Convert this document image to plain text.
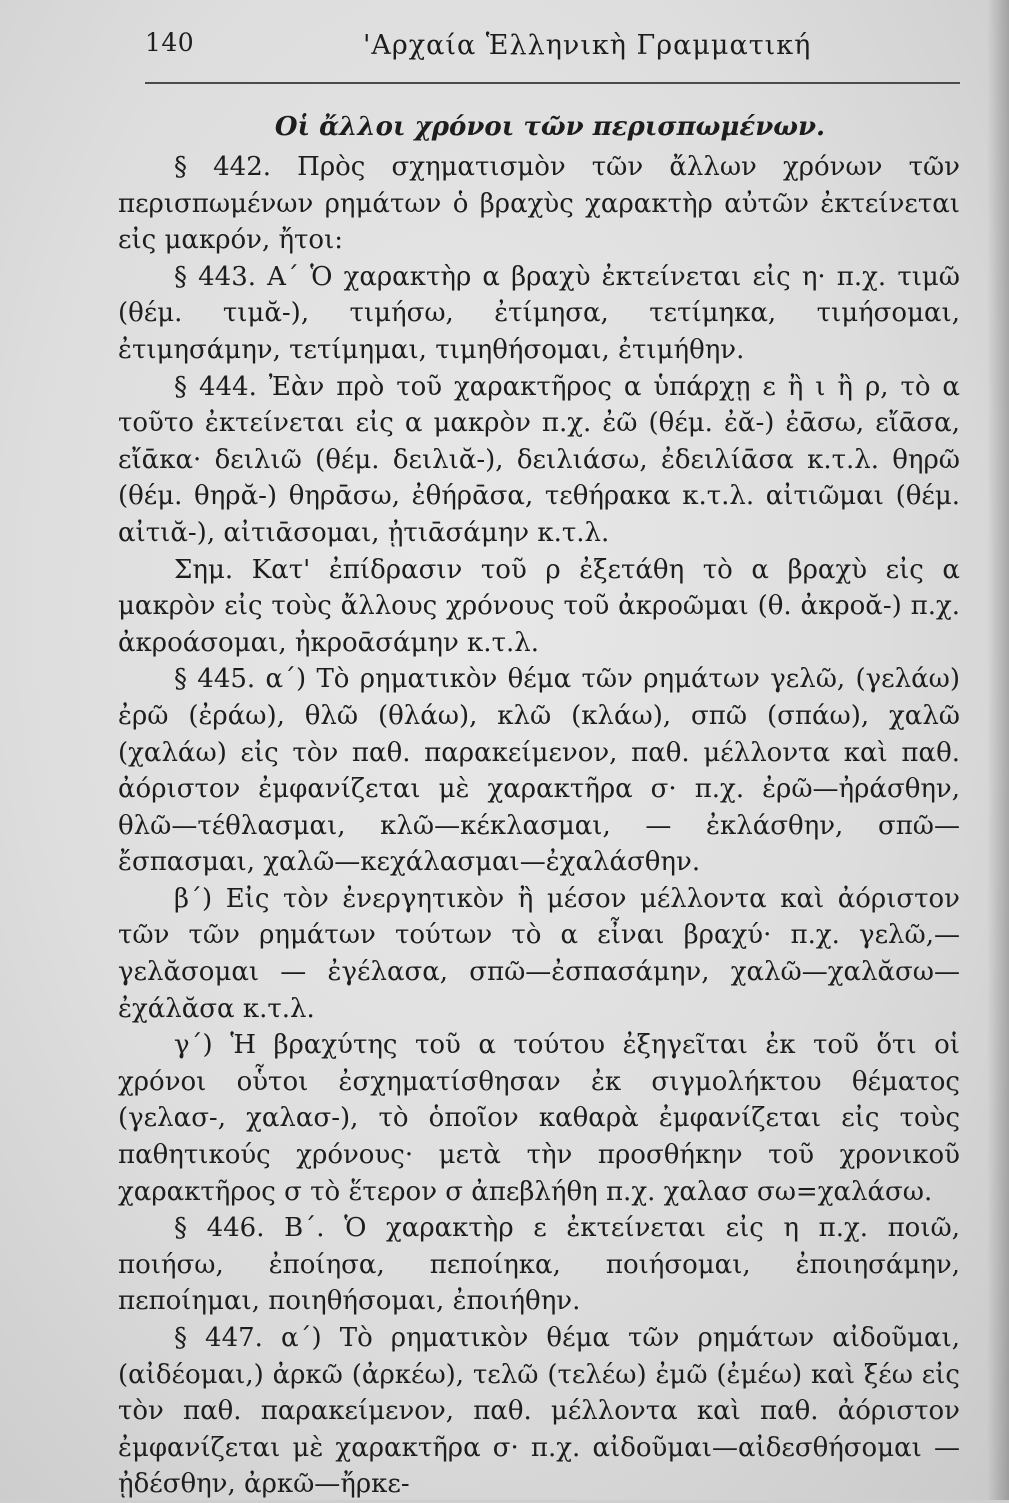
140	'Αρχαία Ἑλληνικὴ Γραμματική
Οἱ ἄλλοι χρόνοι τῶν περισπωμένων.

§ 442. Πρὸς σχηματισμὸν τῶν ἄλλων χρόνων τῶν περισπωμένων ρημάτων ὁ βραχὺς χαρακτὴρ αὐτῶν ἐκτείνεται εἰς μακρόν, ἤτοι:

§ 443. Α΄ Ὁ χαρακτὴρ α βραχὺ ἐκτείνεται εἰς η· π.χ. τιμῶ (θέμ. τιμᾰ-), τιμήσω, ἐτίμησα, τετίμηκα, τιμήσομαι, ἐτιμησάμην, τετίμημαι, τιμηθήσομαι, ἐτιμήθην.

§ 444. Ἐὰν πρὸ τοῦ χαρακτῆρος α ὑπάρχῃ ε ἢ ι ἢ ρ, τὸ α τοῦτο ἐκτείνεται εἰς α μακρὸν π.χ. ἐῶ (θέμ. ἐᾰ-) ἐᾱσω, εἴᾱσα, εἴᾱκα· δειλιῶ (θέμ. δειλιᾰ-), δειλιάσω, ἐδειλίᾱσα κ.τ.λ. θηρῶ (θέμ. θηρᾰ-) θηρᾱσω, ἐθήρᾱσα, τεθήρακα κ.τ.λ. αἰτιῶμαι (θέμ. αἰτιᾰ-), αἰτιᾱσομαι, ᾐτιᾱσάμην κ.τ.λ.

Σημ. Κατ' ἐπίδρασιν τοῦ ρ ἐξετάθη τὸ α βραχὺ εἰς α μακρὸν εἰς τοὺς ἄλλους χρόνους τοῦ ἀκροῶμαι (θ. ἀκροᾰ-) π.χ. ἀκροάσομαι, ἠκροᾱσάμην κ.τ.λ.

§ 445. α΄) Τὸ ρηματικὸν θέμα τῶν ρημάτων γελῶ, (γελάω) ἐρῶ (ἐράω), θλῶ (θλάω), κλῶ (κλάω), σπῶ (σπάω), χαλῶ (χαλάω) εἰς τὸν παθ. παρακείμενον, παθ. μέλλοντα καὶ παθ. ἀόριστον ἐμφανίζεται μὲ χαρακτῆρα σ· π.χ. ἐρῶ—ἠράσθην, θλῶ—τέθλασμαι, κλῶ—κέκλασμαι, — ἐκλάσθην, σπῶ—ἔσπασμαι, χαλῶ—κεχάλασμαι—ἐχαλάσθην.

β΄) Εἰς τὸν ἐνεργητικὸν ἢ μέσον μέλλοντα καὶ ἀόριστον τῶν τῶν ρημάτων τούτων τὸ α εἶναι βραχύ· π.χ. γελῶ,— γελᾰσομαι — ἐγέλασα, σπῶ—ἐσπασάμην, χαλῶ—χαλᾰσω—ἐχάλᾰσα κ.τ.λ.

γ΄) Ἡ βραχύτης τοῦ α τούτου ἐξηγεῖται ἐκ τοῦ ὅτι οἱ χρόνοι οὗτοι ἐσχηματίσθησαν ἐκ σιγμολήκτου θέματος (γελασ-, χαλασ-), τὸ ὁποῖον καθαρὰ ἐμφανίζεται εἰς τοὺς παθητικούς χρόνους· μετὰ τὴν προσθήκην τοῦ χρονικοῦ χαρακτῆρος σ τὸ ἕτερον σ ἀπεβλήθη π.χ. χαλασ σω=χαλάσω.

§ 446. Β΄. Ὁ χαρακτὴρ ε ἐκτείνεται εἰς η π.χ. ποιῶ, ποιήσω, ἐποίησα, πεποίηκα, ποιήσομαι, ἐποιησάμην, πεποίημαι, ποιηθήσομαι, ἐποιήθην.

§ 447. α΄) Τὸ ρηματικὸν θέμα τῶν ρημάτων αἰδοῦμαι, (αἰδέομαι,) ἀρκῶ (ἀρκέω), τελῶ (τελέω) ἐμῶ (ἐμέω) καὶ ξέω εἰς τὸν παθ. παρακείμενον, παθ. μέλλοντα καὶ παθ. ἀόριστον ἐμφανίζεται μὲ χαρακτῆρα σ· π.χ. αἰδοῦμαι—αἰδεσθήσομαι — ᾐδέσθην, ἀρκῶ—ἤρκε-
